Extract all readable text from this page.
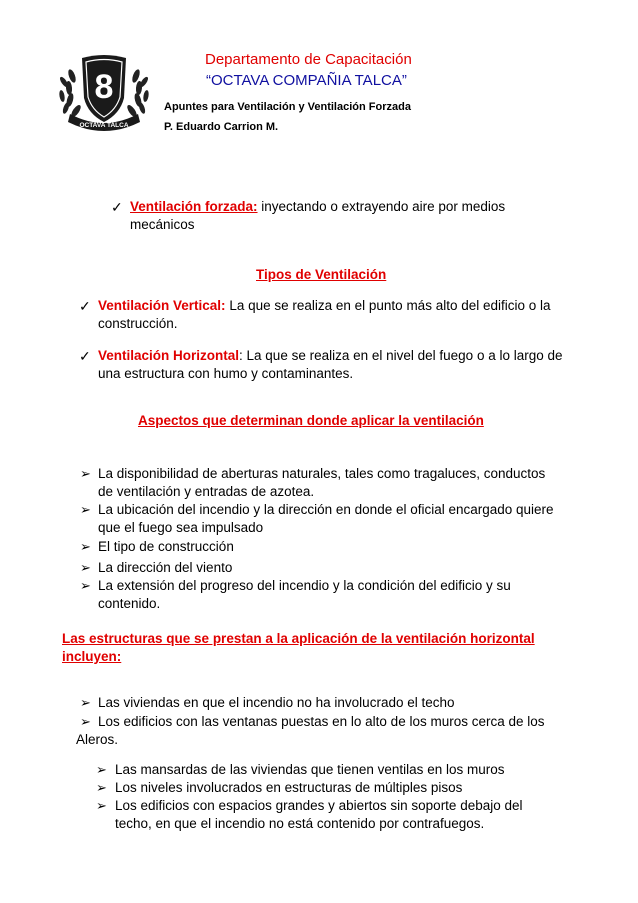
8
OCTAVA TALCA
Departamento de Capacitación
“OCTAVA COMPAÑIA TALCA”
Apuntes para Ventilación y Ventilación Forzada
P. Eduardo Carrion M.
✓ Ventilación forzada: inyectando o extrayendo aire por medios
mecánicos
Tipos de Ventilación
✓ Ventilación Vertical: La que se realiza en el punto más alto del edificio o la
construcción.
✓ Ventilación Horizontal: La que se realiza en el nivel del fuego o a lo largo de
una estructura con humo y contaminantes.
Aspectos que determinan donde aplicar la ventilación
➢ La disponibilidad de aberturas naturales, tales como tragaluces, conductos
de ventilación y entradas de azotea.
➢ La ubicación del incendio y la dirección en donde el oficial encargado quiere
que el fuego sea impulsado
➢ El tipo de construcción
➢ La dirección del viento
➢ La extensión del progreso del incendio y la condición del edificio y su
contenido.
Las estructuras que se prestan a la aplicación de la ventilación horizontal
incluyen:
➢ Las viviendas en que el incendio no ha involucrado el techo
➢ Los edificios con las ventanas puestas en lo alto de los muros cerca de los
Aleros.
➢ Las mansardas de las viviendas que tienen ventilas en los muros
➢ Los niveles involucrados en estructuras de múltiples pisos
➢ Los edificios con espacios grandes y abiertos sin soporte debajo del
techo, en que el incendio no está contenido por contrafuegos.
